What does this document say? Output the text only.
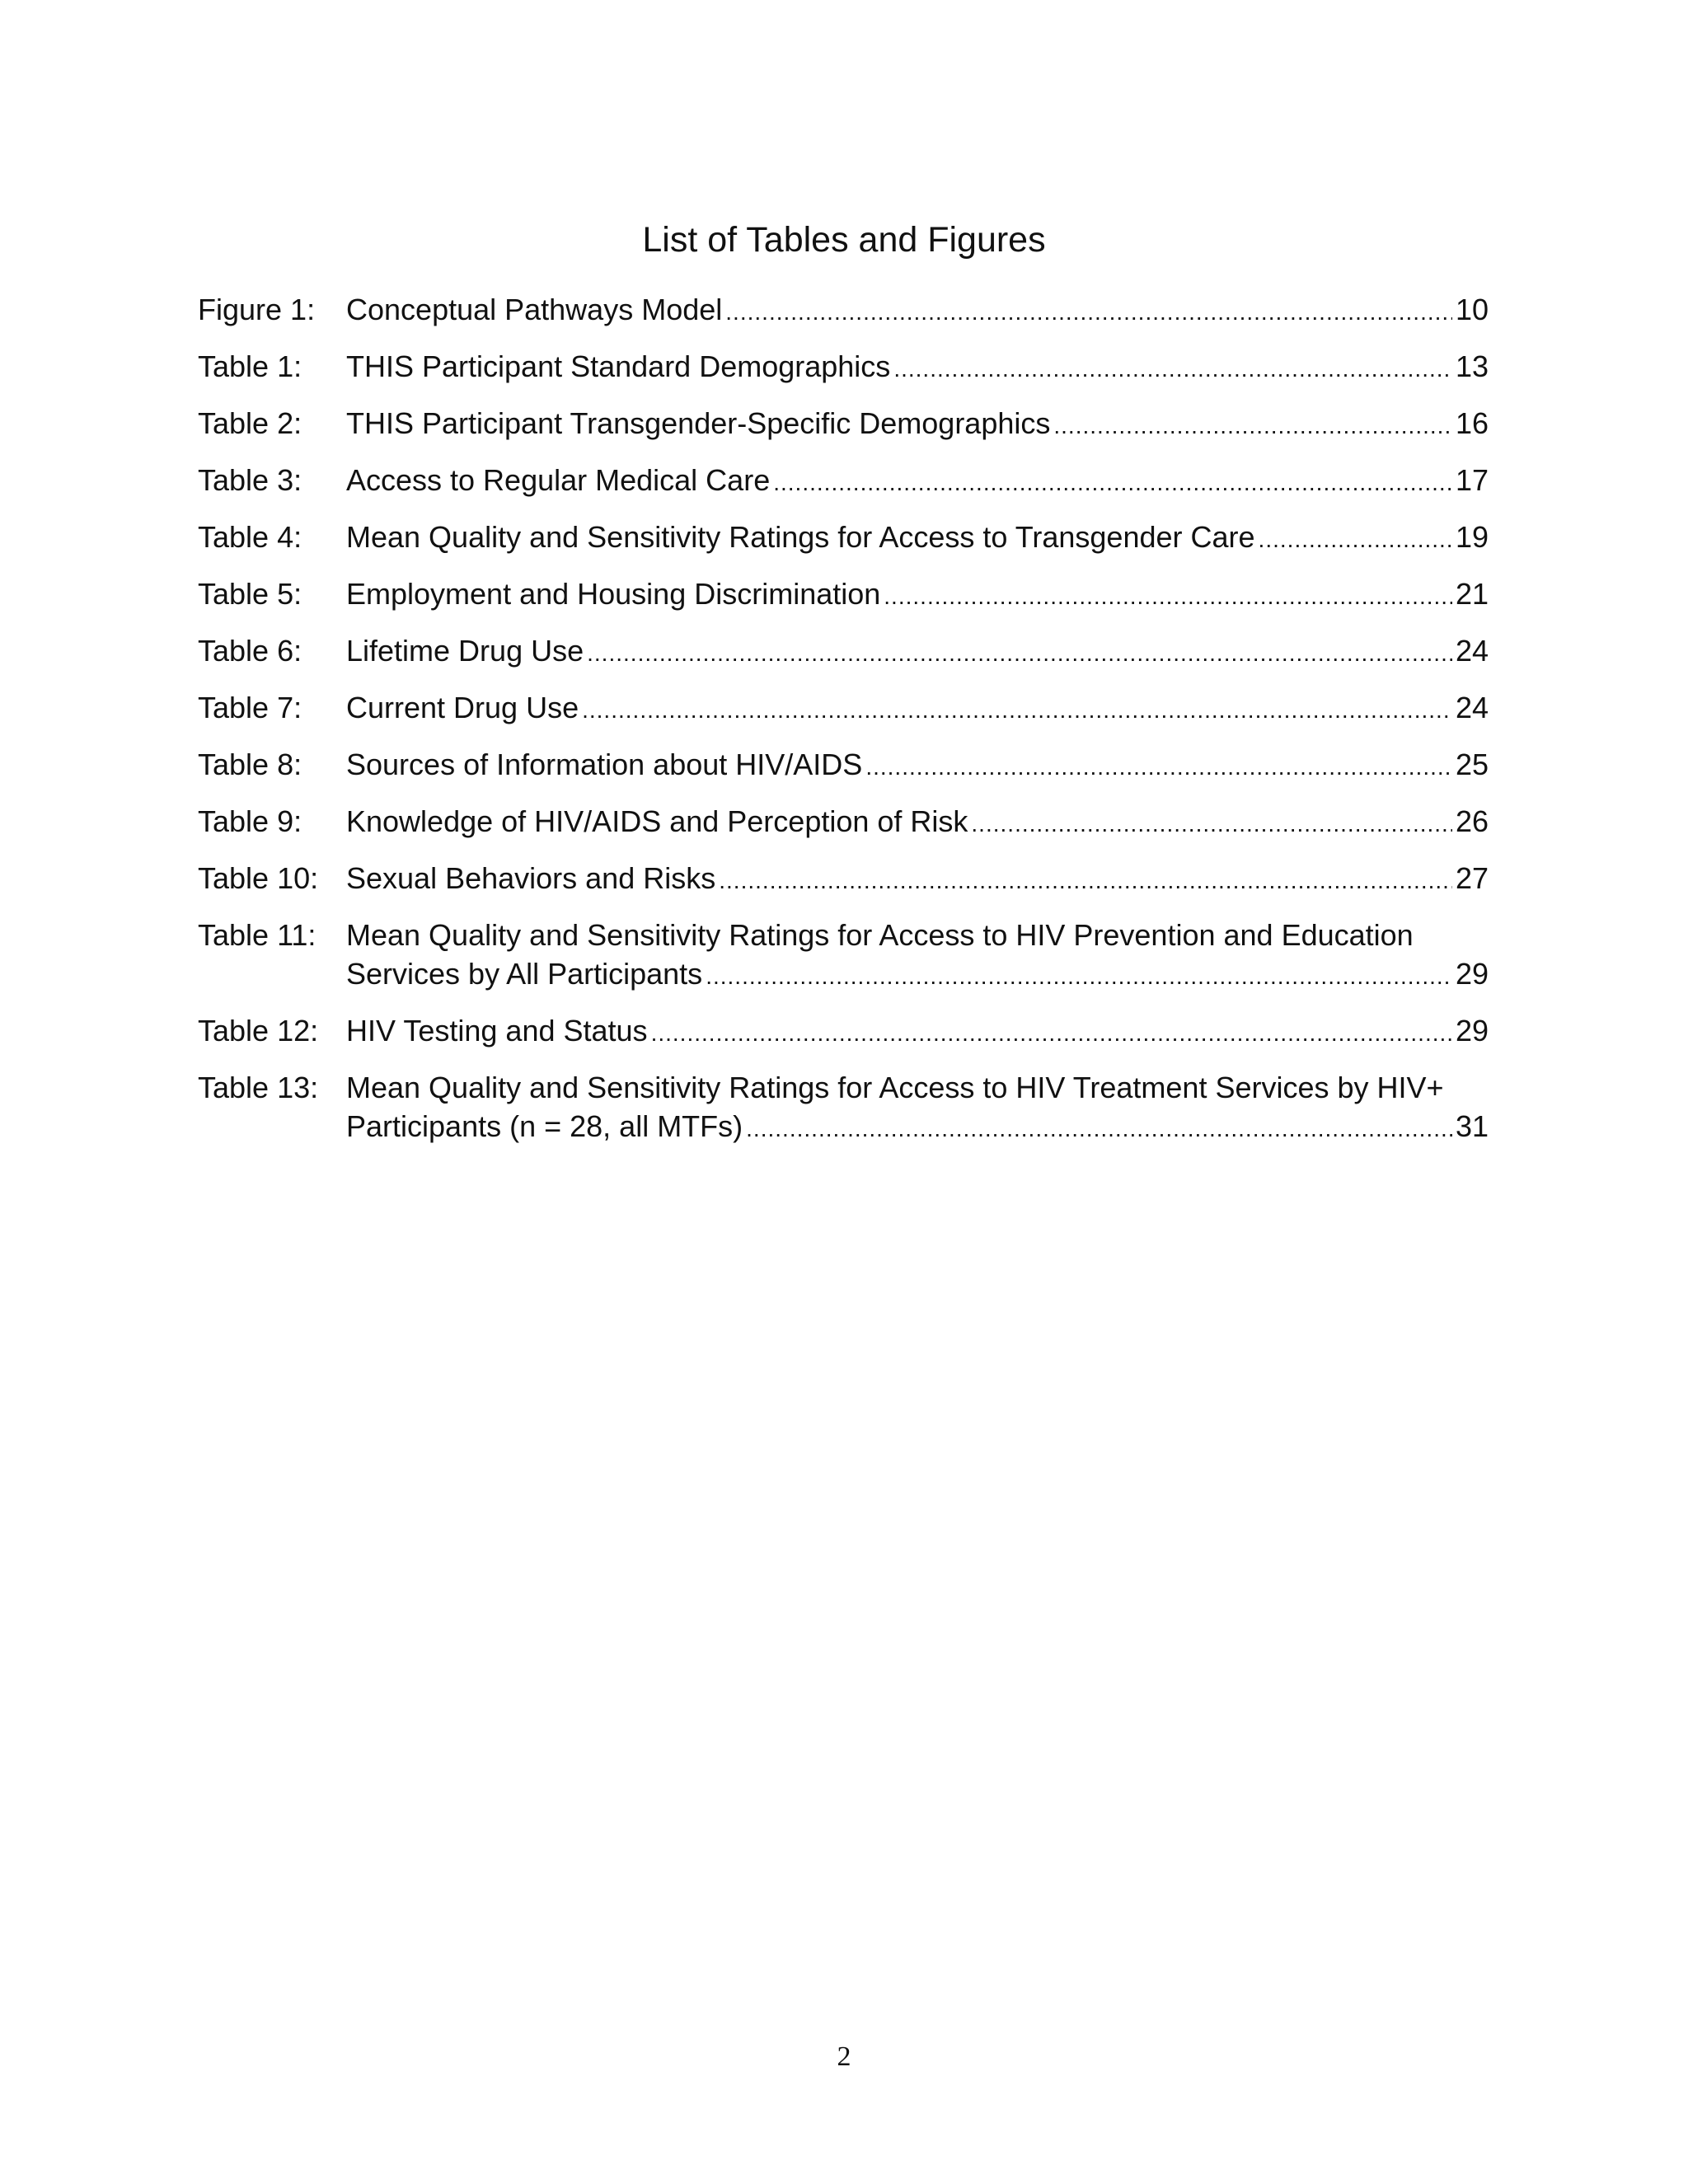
List of Tables and Figures
Figure 1:	Conceptual Pathways Model .....	10
Table 1:	THIS Participant Standard Demographics .....	13
Table 2:	THIS Participant Transgender-Specific Demographics .....	16
Table 3:	Access to Regular Medical Care .....	17
Table 4:	Mean Quality and Sensitivity Ratings for Access to Transgender Care .....	19
Table 5:	Employment and Housing Discrimination .....	21
Table 6:	Lifetime Drug Use .....	24
Table 7:	Current Drug Use .....	24
Table 8:	Sources of Information about HIV/AIDS .....	25
Table 9:	Knowledge of HIV/AIDS and Perception of Risk .....	26
Table 10: Sexual Behaviors and Risks .....	27
Table 11:	Mean Quality and Sensitivity Ratings for Access to HIV Prevention and Education
Services by All Participants .....	29
Table 12: HIV Testing and Status .....	29
Table 13: Mean Quality and Sensitivity Ratings for Access to HIV Treatment Services by HIV+
Participants (n = 28, all MTFs) .....	31
2
